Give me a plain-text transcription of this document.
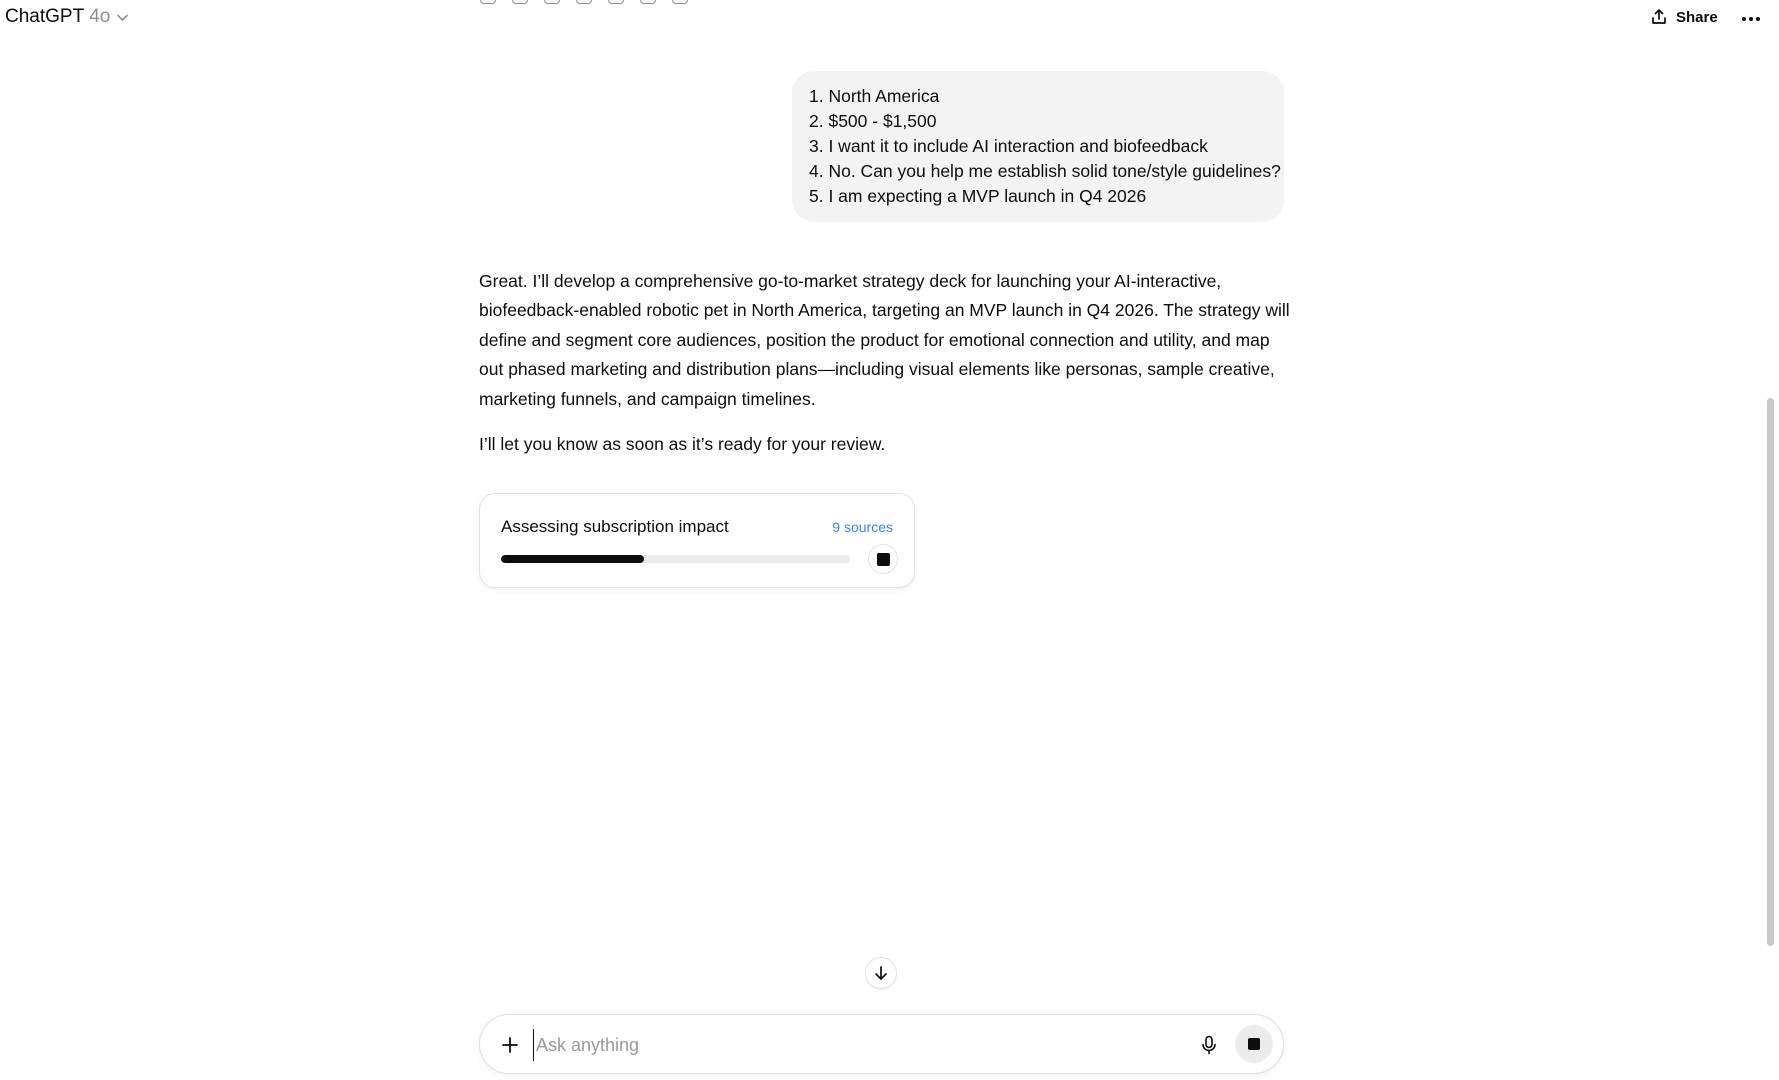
ChatGPT 4o	Share
1. North America
2. $500 - $1,500
3. I want it to include AI interaction and biofeedback
4. No. Can you help me establish solid tone/style guidelines?
5. I am expecting a MVP launch in Q4 2026

Great. I’ll develop a comprehensive go-to-market strategy deck for launching your AI-interactive, biofeedback-enabled robotic pet in North America, targeting an MVP launch in Q4 2026. The strategy will define and segment core audiences, position the product for emotional connection and utility, and map out phased marketing and distribution plans—including visual elements like personas, sample creative, marketing funnels, and campaign timelines.

I’ll let you know as soon as it’s ready for your review.

Assessing subscription impact	9 sources
Ask anything
